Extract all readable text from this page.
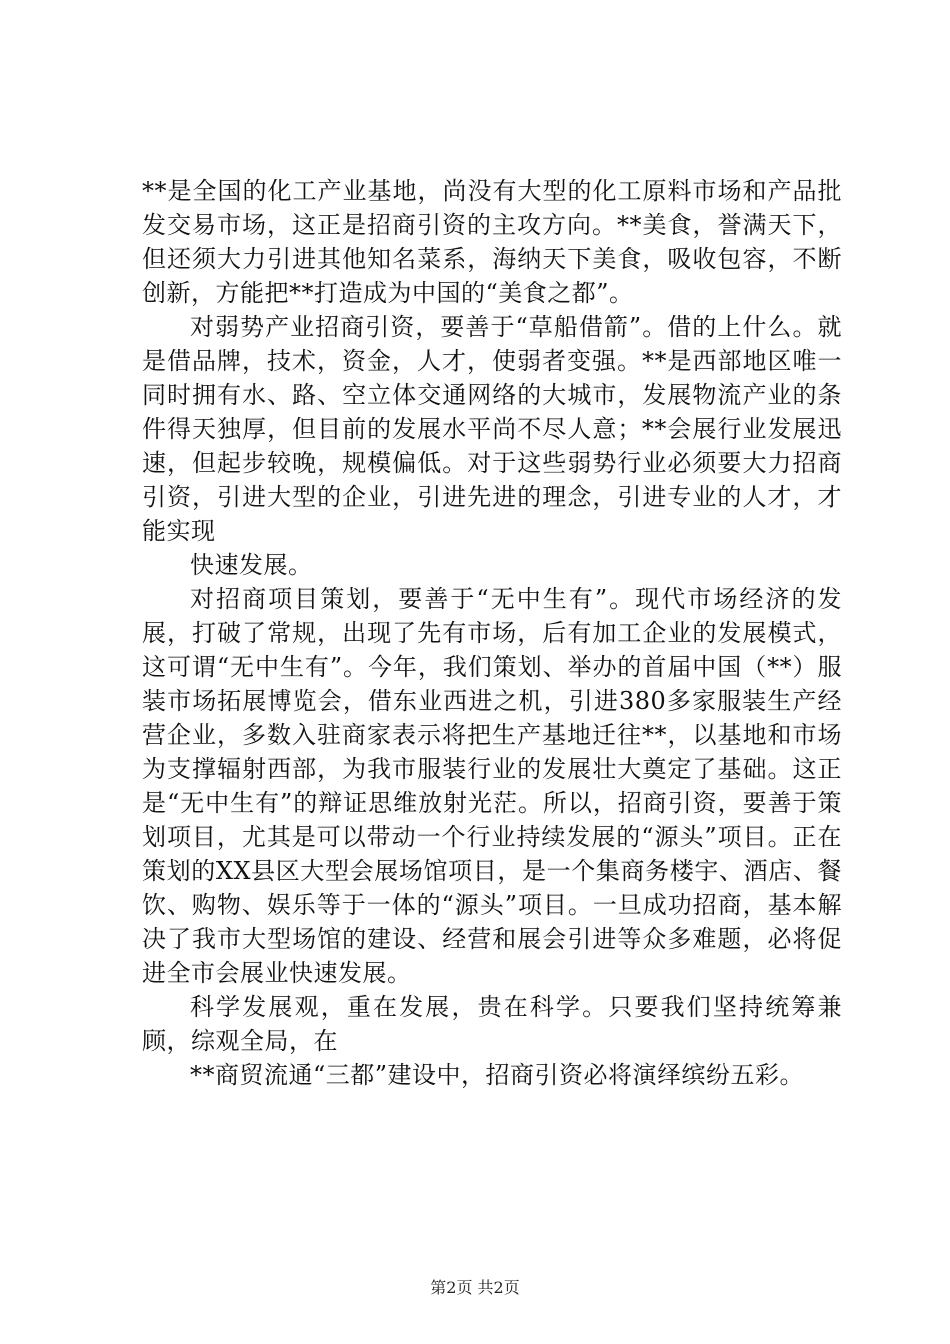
**是全国的化工产业基地，尚没有大型的化工原料市场和产品批发交易市场，这正是招商引资的主攻方向。**美食，誉满天下，但还须大力引进其他知名菜系，海纳天下美食，吸收包容，不断创新，方能把**打造成为中国的“美食之都”。

对弱势产业招商引资，要善于“草船借箭”。借的上什么。就是借品牌，技术，资金，人才，使弱者变强。**是西部地区唯一同时拥有水、路、空立体交通网络的大城市，发展物流产业的条件得天独厚，但目前的发展水平尚不尽人意；**会展行业发展迅速，但起步较晚，规模偏低。对于这些弱势行业必须要大力招商引资，引进大型的企业，引进先进的理念，引进专业的人才，才能实现

快速发展。

对招商项目策划，要善于“无中生有”。现代市场经济的发展，打破了常规，出现了先有市场，后有加工企业的发展模式，这可谓“无中生有”。今年，我们策划、举办的首届中国（**）服装市场拓展博览会，借东业西进之机，引进380多家服装生产经营企业，多数入驻商家表示将把生产基地迁往**，以基地和市场为支撑辐射西部，为我市服装行业的发展壮大奠定了基础。这正是“无中生有”的辩证思维放射光茫。所以，招商引资，要善于策划项目，尤其是可以带动一个行业持续发展的“源头”项目。正在策划的XX县区大型会展场馆项目，是一个集商务楼宇、酒店、餐饮、购物、娱乐等于一体的“源头”项目。一旦成功招商，基本解决了我市大型场馆的建设、经营和展会引进等众多难题，必将促进全市会展业快速发展。

科学发展观，重在发展，贵在科学。只要我们坚持统筹兼顾，综观全局，在

**商贸流通“三都”建设中，招商引资必将演绎缤纷五彩。

第2页 共2页
